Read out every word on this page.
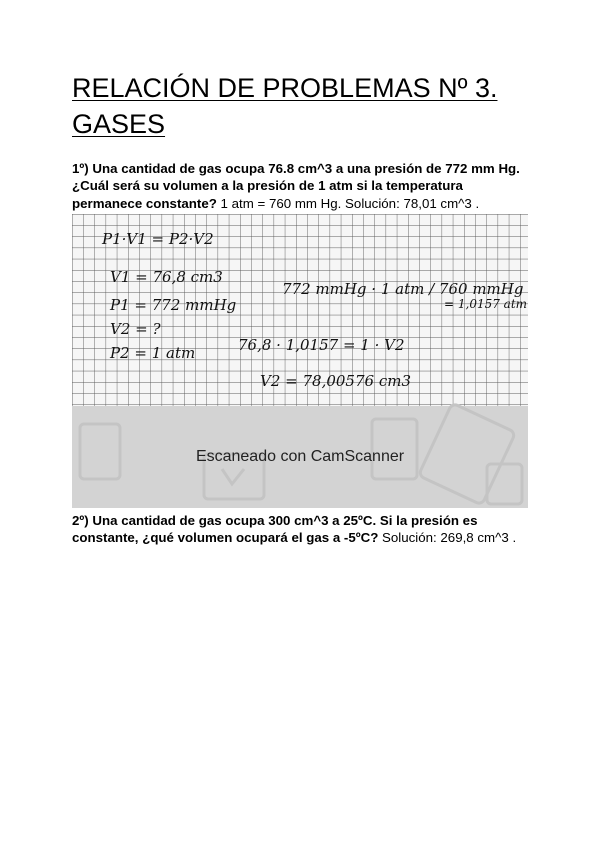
RELACIÓN DE PROBLEMAS Nº 3. GASES
1º) Una cantidad de gas ocupa 76.8 cm^3 a una presión de 772 mm Hg. ¿Cuál será su volumen a la presión de 1 atm si la temperatura permanece constante? 1 atm = 760 mm Hg. Solución: 78,01 cm^3 .
P1·V1 = P2·V2
V1 = 76,8 cm3
P1 = 772 mmHg
V2 = ?
P2 = 1 atm
772 mmHg · 1 atm / 760 mmHg
= 1,0157 atm
76,8 · 1,0157 = 1 · V2
V2 = 78,00576 cm3
Escaneado con CamScanner
2º) Una cantidad de gas ocupa 300 cm^3 a 25ºC. Si la presión es constante, ¿qué volumen ocupará el gas a -5ºC? Solución: 269,8 cm^3 .
